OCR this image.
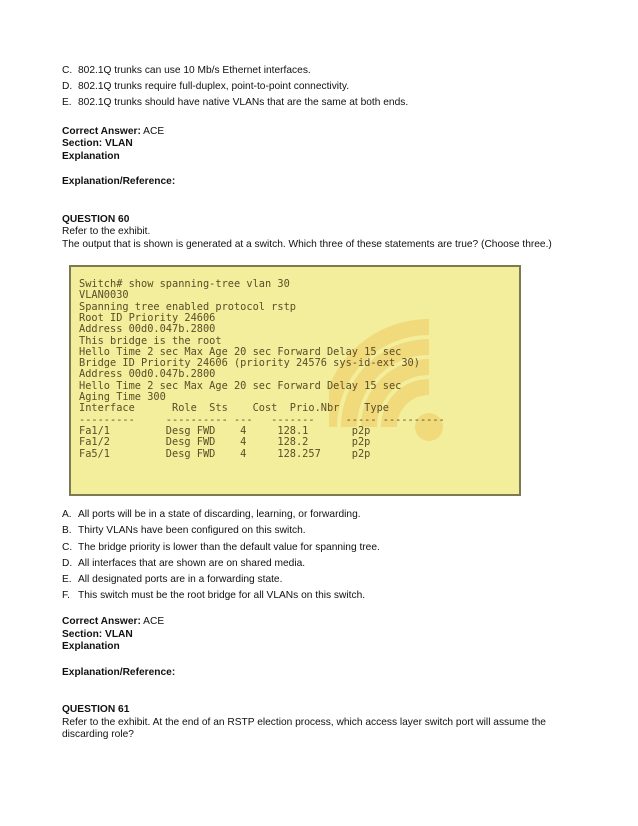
C. 802.1Q trunks can use 10 Mb/s Ethernet interfaces.
D. 802.1Q trunks require full-duplex, point-to-point connectivity.
E. 802.1Q trunks should have native VLANs that are the same at both ends.
Correct Answer: ACE
Section: VLAN
Explanation
Explanation/Reference:
QUESTION 60
Refer to the exhibit.
The output that is shown is generated at a switch. Which three of these statements are true? (Choose three.)
Switch# show spanning-tree vlan 30
VLAN0030
Spanning tree enabled protocol rstp
Root ID Priority 24606
Address 00d0.047b.2800
This bridge is the root
Hello Time 2 sec Max Age 20 sec Forward Delay 15 sec
Bridge ID Priority 24606 (priority 24576 sys-id-ext 30)
Address 00d0.047b.2800
Hello Time 2 sec Max Age 20 sec Forward Delay 15 sec
Aging Time 300
Interface      Role  Sts    Cost  Prio.Nbr    Type
---------     ---------- ---   -------     ----- ----------
Fa1/1         Desg FWD    4     128.1       p2p
Fa1/2         Desg FWD    4     128.2       p2p
Fa5/1         Desg FWD    4     128.257     p2p
A. All ports will be in a state of discarding, learning, or forwarding.
B. Thirty VLANs have been configured on this switch.
C. The bridge priority is lower than the default value for spanning tree.
D. All interfaces that are shown are on shared media.
E. All designated ports are in a forwarding state.
F. This switch must be the root bridge for all VLANs on this switch.
Correct Answer: ACE
Section: VLAN
Explanation
Explanation/Reference:
QUESTION 61
Refer to the exhibit. At the end of an RSTP election process, which access layer switch port will assume the
discarding role?
